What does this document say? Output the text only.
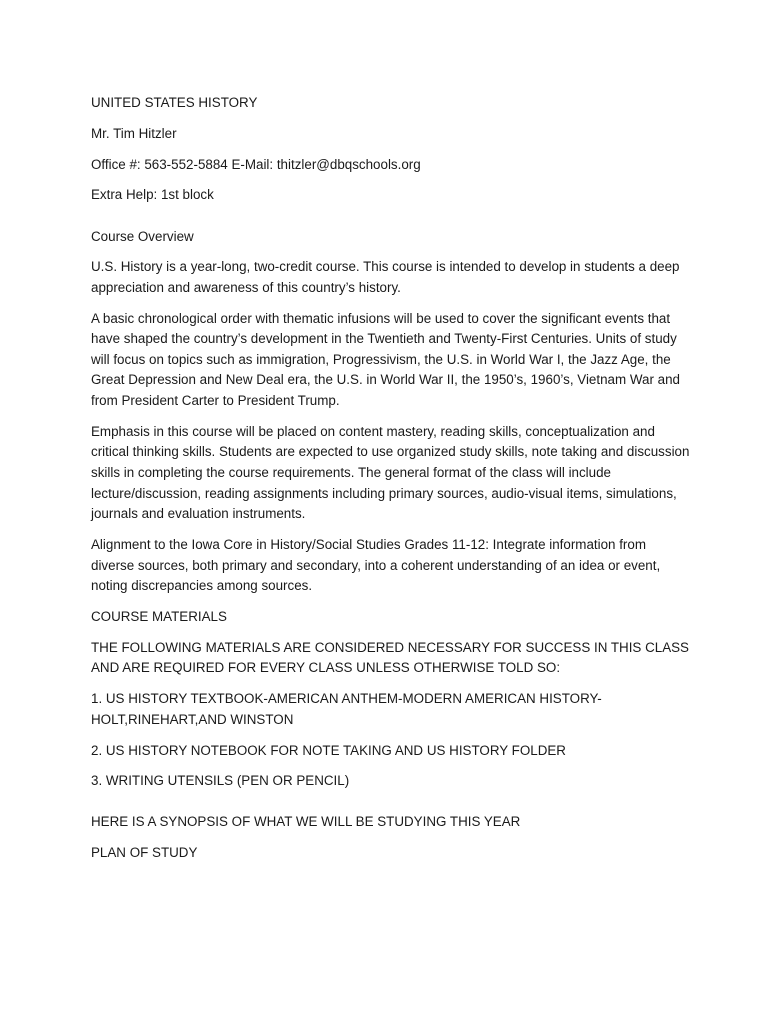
UNITED STATES HISTORY

Mr. Tim Hitzler

Office #: 563-552-5884 E-Mail: thitzler@dbqschools.org

Extra Help: 1st block

Course Overview

U.S. History is a year-long, two-credit course. This course is intended to develop in students a deep appreciation and awareness of this country’s history.

A basic chronological order with thematic infusions will be used to cover the significant events that have shaped the country’s development in the Twentieth and Twenty-First Centuries. Units of study will focus on topics such as immigration, Progressivism, the U.S. in World War I, the Jazz Age, the Great Depression and New Deal era, the U.S. in World War II, the 1950’s, 1960’s, Vietnam War and from President Carter to President Trump.

Emphasis in this course will be placed on content mastery, reading skills, conceptualization and critical thinking skills. Students are expected to use organized study skills, note taking and discussion skills in completing the course requirements. The general format of the class will include lecture/discussion, reading assignments including primary sources, audio-visual items, simulations, journals and evaluation instruments.

Alignment to the Iowa Core in History/Social Studies Grades 11-12: Integrate information from diverse sources, both primary and secondary, into a coherent understanding of an idea or event, noting discrepancies among sources.

COURSE MATERIALS

THE FOLLOWING MATERIALS ARE CONSIDERED NECESSARY FOR SUCCESS IN THIS CLASS AND ARE REQUIRED FOR EVERY CLASS UNLESS OTHERWISE TOLD SO:

1. US HISTORY TEXTBOOK-AMERICAN ANTHEM-MODERN AMERICAN HISTORY-HOLT,RINEHART,AND WINSTON

2. US HISTORY NOTEBOOK FOR NOTE TAKING AND US HISTORY FOLDER

3. WRITING UTENSILS (PEN OR PENCIL)

HERE IS A SYNOPSIS OF WHAT WE WILL BE STUDYING THIS YEAR

PLAN OF STUDY
